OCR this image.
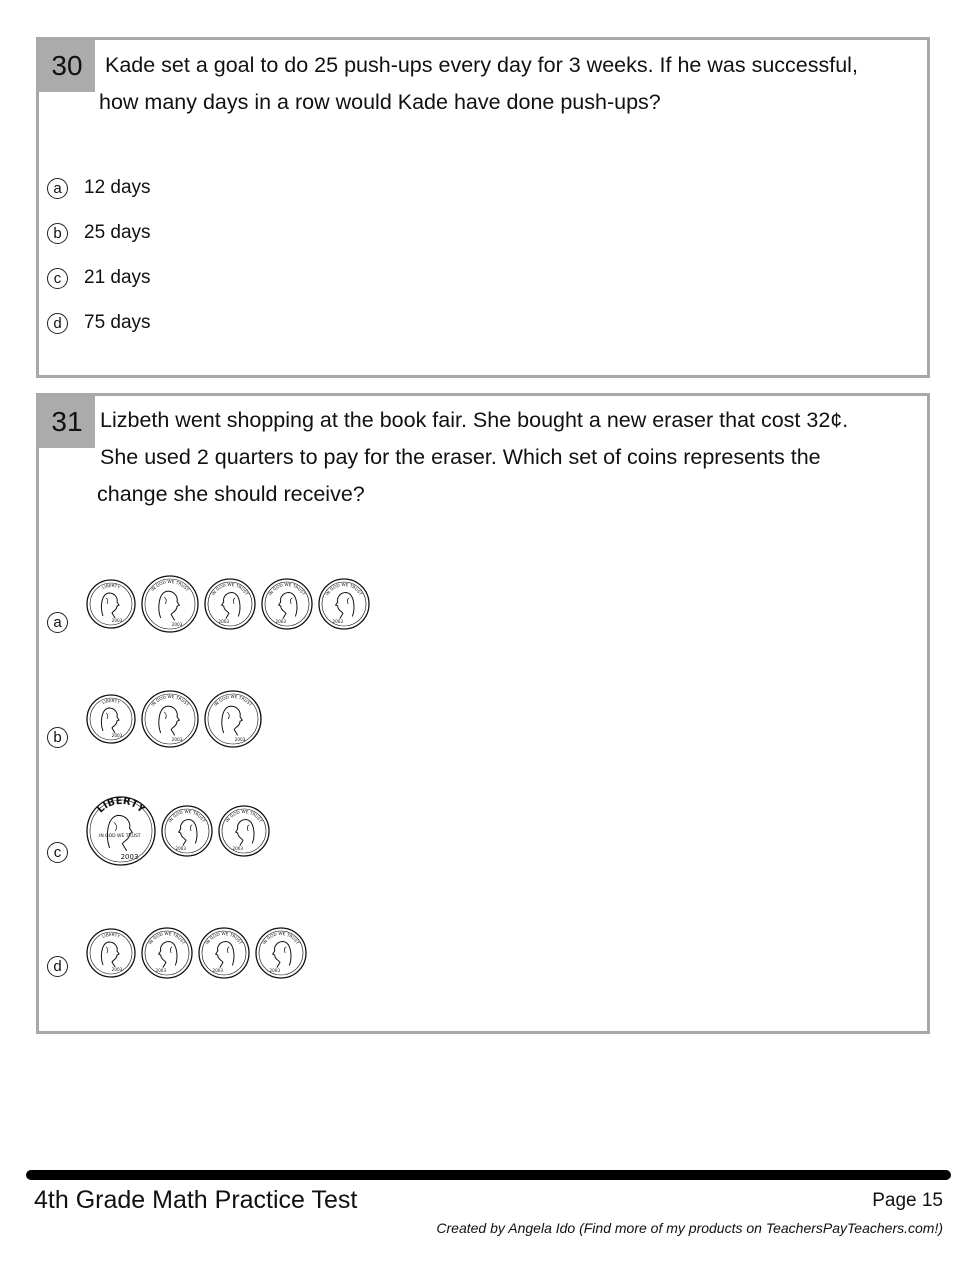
30	Kade set a goal to do 25 push-ups every day for 3 weeks. If he was successful,
how many days in a row would Kade have done push-ups?
a	12 days
b	25 days
c	21 days
d	75 days
31 Lizbeth went shopping at the book fair. She bought a new eraser that cost 32¢.
She used 2 quarters to pay for the eraser. Which set of coins represents the
change she should receive?
a
LIBERTY
2003
IN GOD WE TRUST
2003
IN GOD WE TRUST
2003
IN GOD WE TRUST
2003
IN GOD WE TRUST
2003
b
LIBERTY
2003
IN GOD WE TRUST
2003
IN GOD WE TRUST
2003
c
LIBERTY
IN GOD WE TRUST
2003
IN GOD WE TRUST
2003
IN GOD WE TRUST
2003
d
LIBERTY
2003
IN GOD WE TRUST
2003
IN GOD WE TRUST
2003
IN GOD WE TRUST
2003
4th Grade Math Practice Test	Page 15
Created by Angela Ido (Find more of my products on TeachersPayTeachers.com!)
